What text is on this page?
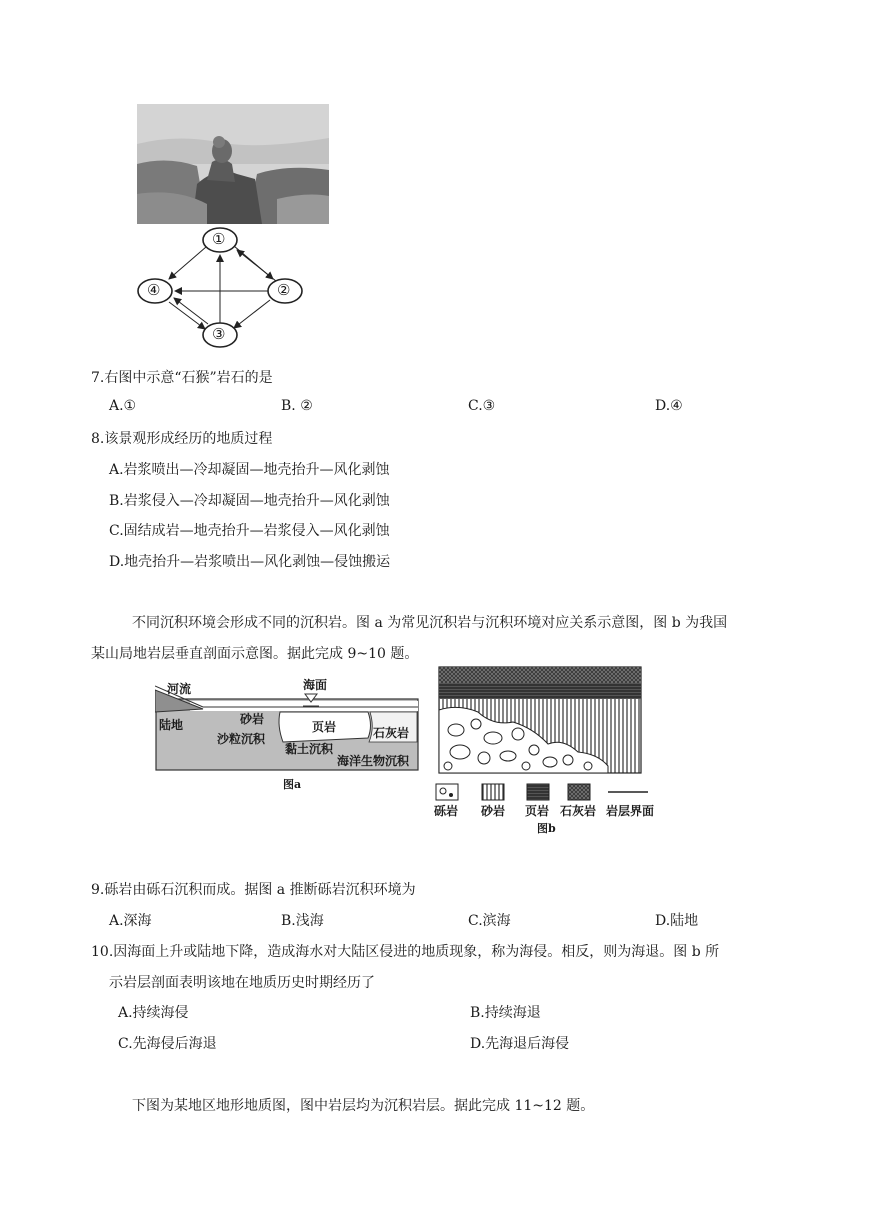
①
②
③
④
7.右图中示意“石猴”岩石的是
A.①	B. ②	C.③	D.④
8.该景观形成经历的地质过程
A.岩浆喷出—冷却凝固—地壳抬升—风化剥蚀
B.岩浆侵入—冷却凝固—地壳抬升—风化剥蚀
C.固结成岩—地壳抬升—岩浆侵入—风化剥蚀
D.地壳抬升—岩浆喷出—风化剥蚀—侵蚀搬运
不同沉积环境会形成不同的沉积岩。图 a 为常见沉积岩与沉积环境对应关系示意图，图 b 为我国
某山局地岩层垂直剖面示意图。据此完成 9~10 题。
河流	海面
陆地	砂岩
页岩	石灰岩
沙粒沉积
黏土沉积
海洋生物沉积
图a
砾岩 砂岩 页岩 石灰岩 岩层界面
图b
9.砾岩由砾石沉积而成。据图 a 推断砾岩沉积环境为
A.深海	B.浅海	C.滨海	D.陆地
10.因海面上升或陆地下降，造成海水对大陆区侵进的地质现象，称为海侵。相反，则为海退。图 b 所
示岩层剖面表明该地在地质历史时期经历了
A.持续海侵	B.持续海退
C.先海侵后海退	D.先海退后海侵
下图为某地区地形地质图，图中岩层均为沉积岩层。据此完成 11~12 题。
